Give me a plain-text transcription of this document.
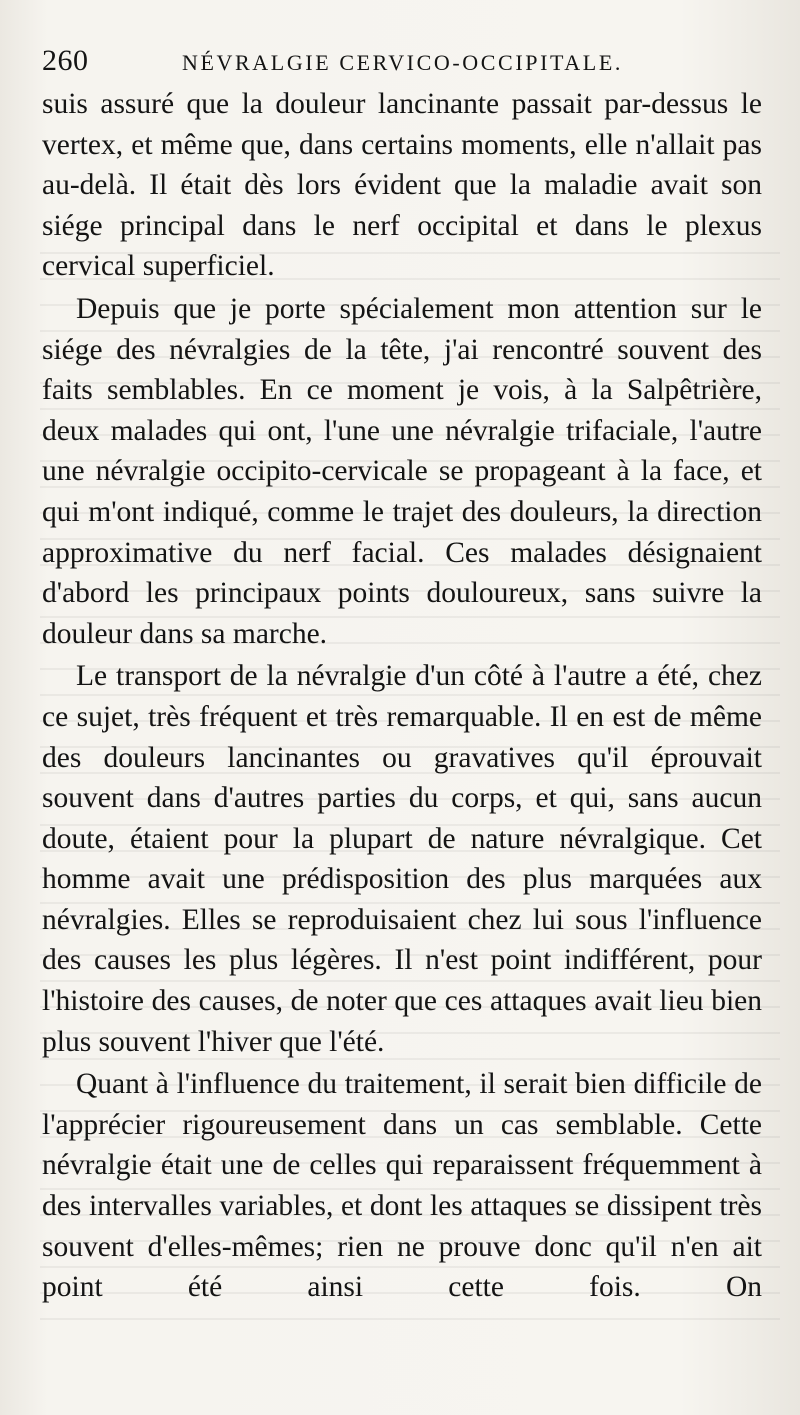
260	NÉVRALGIE CERVICO-OCCIPITALE.

suis assuré que la douleur lancinante passait par-dessus le vertex, et même que, dans certains moments, elle n'allait pas au-delà. Il était dès lors évident que la maladie avait son siége principal dans le nerf occipital et dans le plexus cervical superficiel.

Depuis que je porte spécialement mon attention sur le siége des névralgies de la tête, j'ai rencontré souvent des faits semblables. En ce moment je vois, à la Salpêtrière, deux malades qui ont, l'une une névralgie trifaciale, l'autre une névralgie occipito-cervicale se propageant à la face, et qui m'ont indiqué, comme le trajet des douleurs, la direction approximative du nerf facial. Ces malades désignaient d'abord les principaux points douloureux, sans suivre la douleur dans sa marche.

Le transport de la névralgie d'un côté à l'autre a été, chez ce sujet, très fréquent et très remarquable. Il en est de même des douleurs lancinantes ou gravatives qu'il éprouvait souvent dans d'autres parties du corps, et qui, sans aucun doute, étaient pour la plupart de nature névralgique. Cet homme avait une prédisposition des plus marquées aux névralgies. Elles se reproduisaient chez lui sous l'influence des causes les plus légères. Il n'est point indifférent, pour l'histoire des causes, de noter que ces attaques avait lieu bien plus souvent l'hiver que l'été.

Quant à l'influence du traitement, il serait bien difficile de l'apprécier rigoureusement dans un cas semblable. Cette névralgie était une de celles qui reparaissent fréquemment à des intervalles variables, et dont les attaques se dissipent très souvent d'elles-mêmes; rien ne prouve donc qu'il n'en ait point été ainsi cette fois. On
